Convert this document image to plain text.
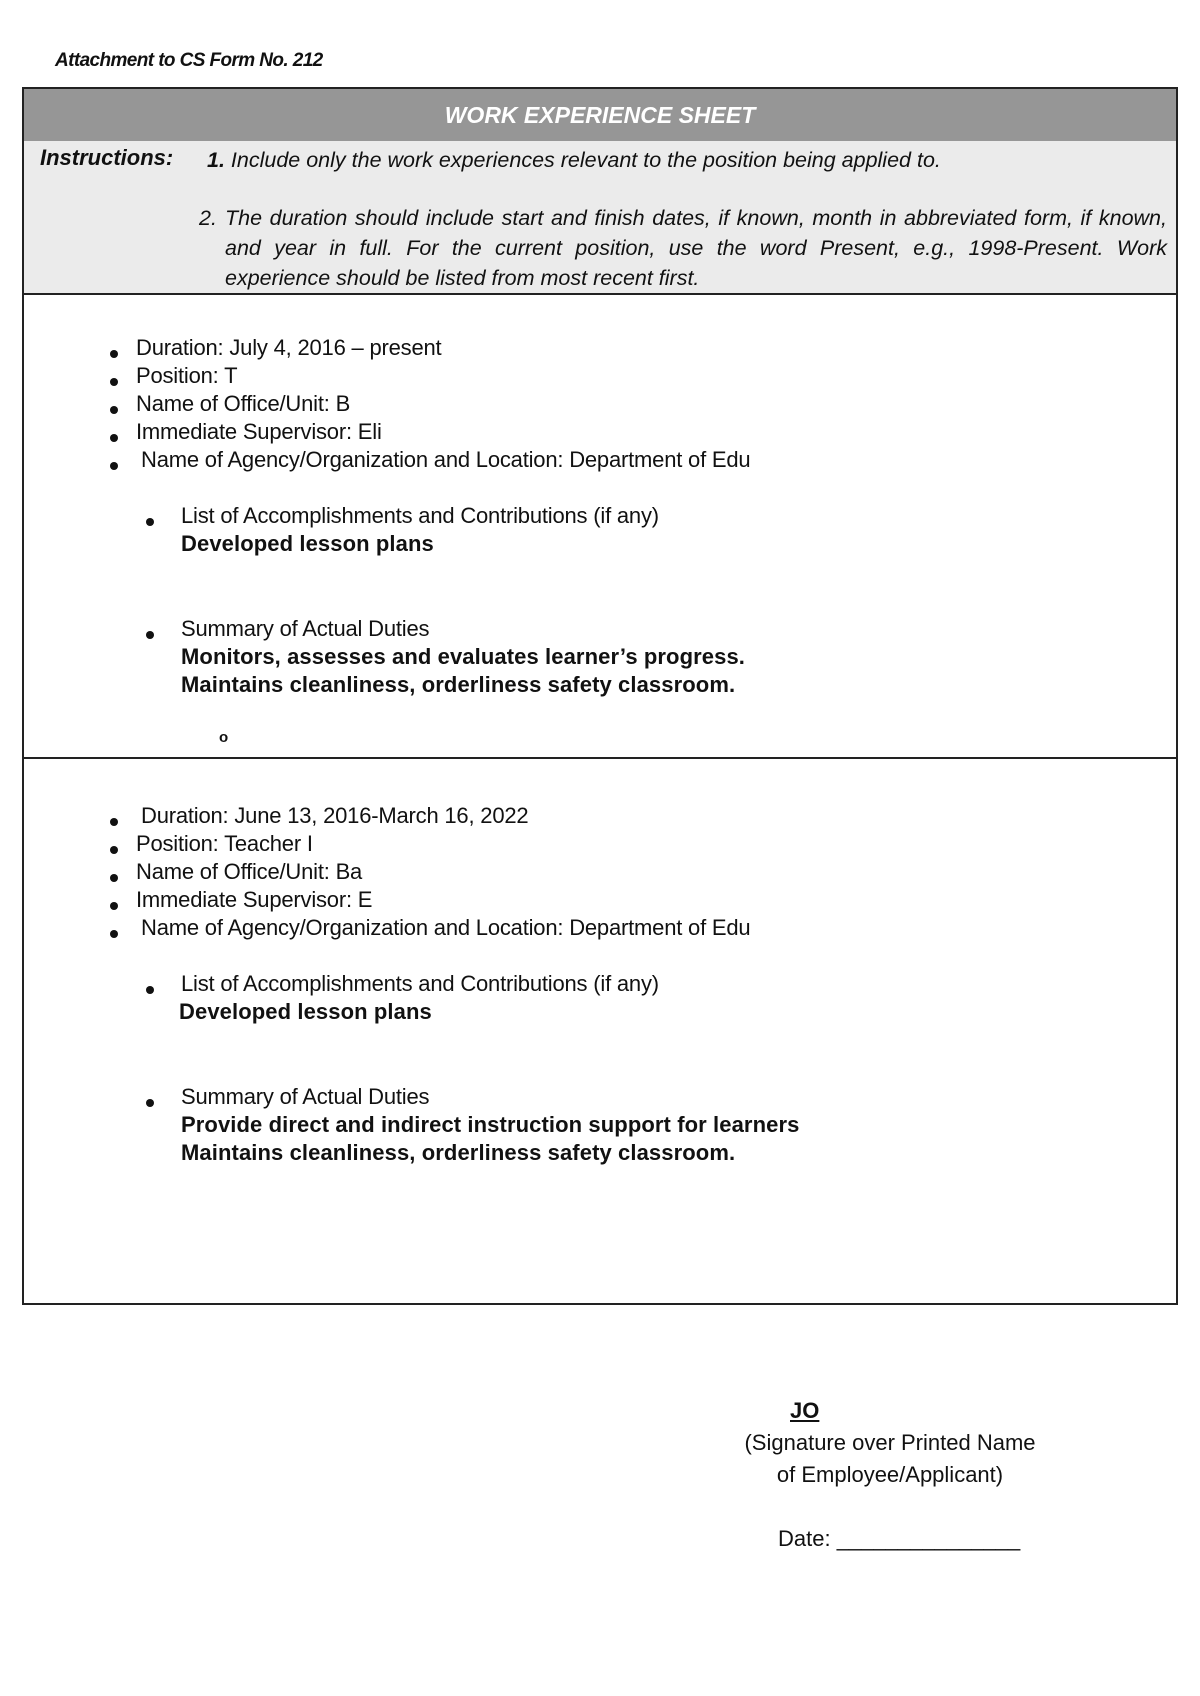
Attachment to CS Form No. 212
WORK EXPERIENCE SHEET
Instructions: 1. Include only the work experiences relevant to the position being applied to.
2. The duration should include start and finish dates, if known, month in abbreviated form, if known, and year in full. For the current position, use the word Present, e.g., 1998-Present. Work experience should be listed from most recent first.
Duration: July 4, 2016 – present
Position: T
Name of Office/Unit: B
Immediate Supervisor: Eli
Name of Agency/Organization and Location: Department of Edu
List of Accomplishments and Contributions (if any)
Developed lesson plans
Summary of Actual Duties
Monitors, assesses and evaluates learner’s progress.
Maintains cleanliness, orderliness safety classroom.
o
Duration: June 13, 2016-March 16, 2022
Position: Teacher I
Name of Office/Unit: Ba
Immediate Supervisor: E
Name of Agency/Organization and Location: Department of Edu
List of Accomplishments and Contributions (if any)
Developed lesson plans
Summary of Actual Duties
Provide direct and indirect instruction support for learners
Maintains cleanliness, orderliness safety classroom.
JO
(Signature over Printed Name
of Employee/Applicant)
Date: _______________
